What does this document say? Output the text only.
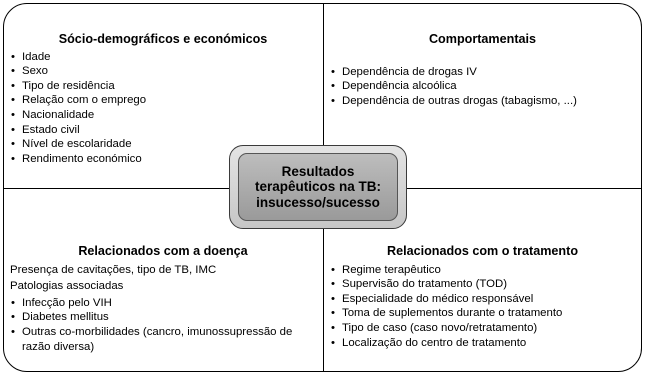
Sócio-demográficos e económicos
• Idade
• Sexo
• Tipo de residência
• Relação com o emprego
• Nacionalidade
• Estado civil
• Nível de escolaridade
• Rendimento económico
Comportamentais
• Dependência de drogas IV
• Dependência alcoólica
• Dependência de outras drogas (tabagismo, ...)
Relacionados com a doença

Presença de cavitações, tipo de TB, IMC

Patologias associadas

• Infecção pelo VIH
• Diabetes mellitus
• Outras co-morbilidades (cancro, imunossupressão de razão diversa)
Relacionados com o tratamento
• Regime terapêutico
• Supervisão do tratamento (TOD)
• Especialidade do médico responsável
• Toma de suplementos durante o tratamento
• Tipo de caso (caso novo/retratamento)
• Localização do centro de tratamento
Resultados
terapêuticos na TB:
insucesso/sucesso
